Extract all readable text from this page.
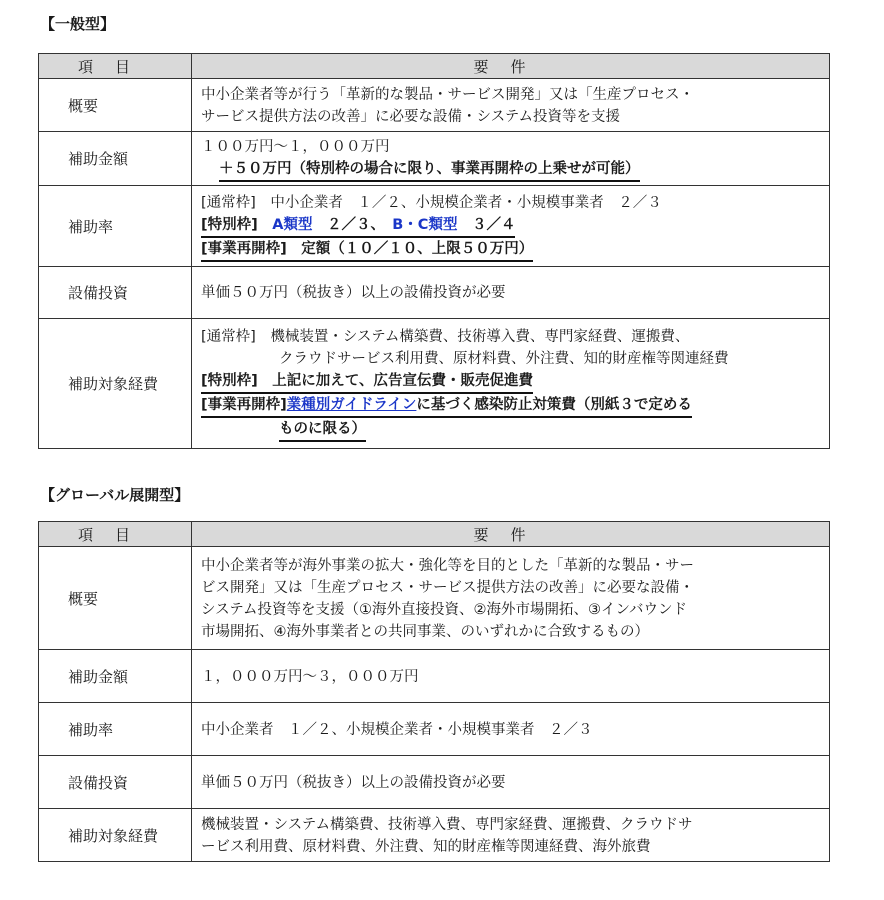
【一般型】
項目	要件
概要	中小企業者等が行う「革新的な製品・サービス開発」又は「生産プロセス・
サービス提供方法の改善」に必要な設備・システム投資等を支援

補助金額	１００万円～１，０００万円
＋５０万円（特別枠の場合に限り、事業再開枠の上乗せが可能）

補助率	[通常枠]　中小企業者　１／２、小規模企業者・小規模事業者　２／３
[特別枠]　 A類型　 ２／３、　 B・C類型　 ３／４
[事業再開枠]　定額（１０／１０、上限５０万円）

設備投資	単価５０万円（税抜き）以上の設備投資が必要
補助対象経費	[通常枠]　 機械装置・システム構築費、技術導入費、専門家経費、運搬費、
クラウドサービス利用費、原材料費、外注費、知的財産権等関連経費
[特別枠]　 上記に加えて、広告宣伝費・販売促進費
[事業再開枠]業種別ガイドラインに基づく感染防止対策費（別紙３で定める
ものに限る）
【グローバル展開型】
項目	要件
概要	中小企業者等が海外事業の拡大・強化等を目的とした「革新的な製品・サー
ビス開発」又は「生産プロセス・サービス提供方法の改善」に必要な設備・
システム投資等を支援（①海外直接投資、②海外市場開拓、③インバウンド
市場開拓、④海外事業者との共同事業、のいずれかに合致するもの）

補助金額	１，０００万円～３，０００万円
補助率	中小企業者　１／２、小規模企業者・小規模事業者　２／３
設備投資	単価５０万円（税抜き）以上の設備投資が必要
補助対象経費	機械装置・システム構築費、技術導入費、専門家経費、運搬費、クラウドサ
ービス利用費、原材料費、外注費、知的財産権等関連経費、海外旅費
